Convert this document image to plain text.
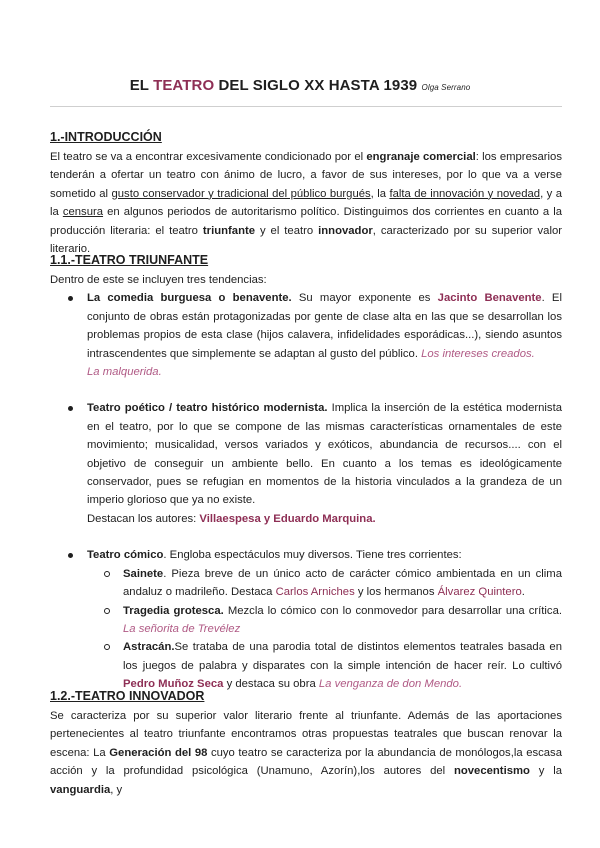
EL TEATRO DEL SIGLO XX HASTA 1939 Olga Serrano
1.-INTRODUCCIÓN

El teatro se va a encontrar excesivamente condicionado por el engranaje comercial: los empresarios tenderán a ofertar un teatro con ánimo de lucro, a favor de sus intereses, por lo que va a verse sometido al gusto conservador y tradicional del público burgués, la falta de innovación y novedad, y a la censura en algunos periodos de autoritarismo político. Distinguimos dos corrientes en cuanto a la producción literaria: el teatro triunfante y el teatro innovador, caracterizado por su superior valor literario.

1.1.-TEATRO TRIUNFANTE

Dentro de este se incluyen tres tendencias:

La comedia burguesa o benavente. Su mayor exponente es Jacinto Benavente. El conjunto de obras están protagonizadas por gente de clase alta en las que se desarrollan los problemas propios de esta clase (hijos calavera, infidelidades esporádicas...), siendo asuntos intrascendentes que simplemente se adaptan al gusto del público. Los intereses creados.
La malquerida.
Teatro poético / teatro histórico modernista. Implica la inserción de la estética modernista en el teatro, por lo que se compone de las mismas características ornamentales de este movimiento; musicalidad, versos variados y exóticos, abundancia de recursos.... con el objetivo de conseguir un ambiente bello. En cuanto a los temas es ideológicamente conservador, pues se refugian en momentos de la historia vinculados a la grandeza de un imperio glorioso que ya no existe.
Destacan los autores: Villaespesa y Eduardo Marquina.
Teatro cómico. Engloba espectáculos muy diversos. Tiene tres corrientes:
Sainete. Pieza breve de un único acto de carácter cómico ambientada en un clima andaluz o madrileño. Destaca Carlos Arniches y los hermanos Álvarez Quintero.
Tragedia grotesca. Mezcla lo cómico con lo conmovedor para desarrollar una crítica. La señorita de Trevélez
Astracán.Se trataba de una parodia total de distintos elementos teatrales basada en los juegos de palabra y disparates con la simple intención de hacer reír. Lo cultivó Pedro Muñoz Seca y destaca su obra La venganza de don Mendo.
1.2.-TEATRO INNOVADOR

Se caracteriza por su superior valor literario frente al triunfante. Además de las aportaciones pertenecientes al teatro triunfante encontramos otras propuestas teatrales que buscan renovar la escena: La Generación del 98 cuyo teatro se caracteriza por la abundancia de monólogos,la escasa acción y la profundidad psicológica (Unamuno, Azorín),los autores del novecentismo y la vanguardia, y
